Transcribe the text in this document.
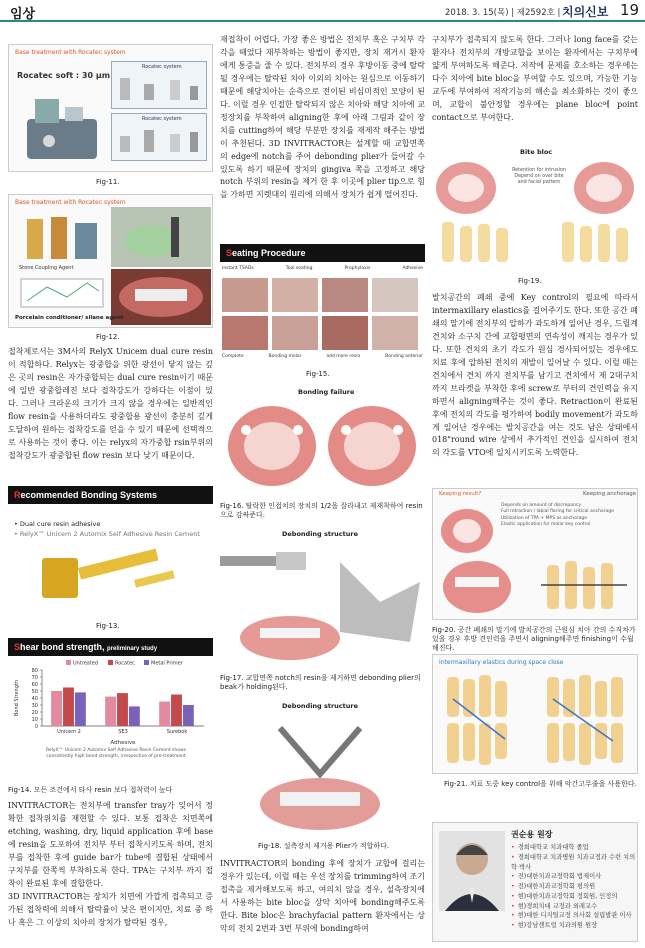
임상	2018. 3. 15(목) | 제2592호 | 치의신보 19
Base treatment with Rocatec system
Rocatec soft : 30 μm
Rocatec system
Rocatec system
Fig-11.
Base treatment with Rocatec system
Stone Coupling Agent
Porcelain conditioner/ silane agent
Fig-12.

접착제로서는 3M사의 RelyX Unicem dual cure resin이 적합하다. Relyx는 광중합을 위한 광선이 닿지 않는 깊은 곳의 resin은 자가중합되는 dual cure resin이기 때문에 일반 광중합레진 보다 접착강도가 강하다는 이점이 있다. 그러나 크라운의 크기가 크지 않을 경우에는 일반적인 flow resin을 사용하더라도 광중합용 광선이 충분히 깊게 도달하여 원하는 접착강도를 얻을 수 있기 때문에 선택적으로 사용하는 것이 좋다. 이는 relyx의 자가중합 rsin부위의 접착강도가 광중합된 flow resin 보다 낮기 때문이다.

Recommended Bonding Systems
• Dual cure resin adhesive
• RelyX™ Unicem 2 Automix Self Adhesive Resin Cement
Fig-13.
Shear bond strength, preliminary study
0
10
20
30
40
50
60
70
80
Bond Strength
Adhesive
Unicem 2	SE3	Surebok
Untreated	Rocatec	Metal Primer
RelyX™ Unicem 2 Automix Self Adhesive Resin Cement shows consistently high bond strength, irrespective of pre-treatment
Fig-14. 모든 조건에서 타사 resin 보다 접착력이 높다

INVITRACTOR는 전치부에 transfer tray가 잊어서 정확한 접착위치를 재현할 수 있다. 보통 접착은 치면쪽에 etching, washing, dry, liquid application 후에 base에 resin을 도포하여 전치부 부터 접착시키도록 하며, 전치부를 접착한 후에 guide bar가 tube에 결합된 상태에서 구치부를 한쪽씩 부착하도록 한다. TPA는 구치부 까지 접착이 완료된 후에 결합한다.

3D INVITRACTOR는 장치가 치면에 가깝게 접촉되고 증가된 접착력에 의해서 탈락률이 낮은 편이지만, 치료 중 하나 혹은 그 이상의 치아의 장치가 탈락된 경우,

재접착이 어렵다. 가장 좋은 방법은 전치부 혹은 구치부 각각을 때었다 재부착하는 방법이 좋지만, 장치 재거시 환자에게 통증을 줄 수 있다. 전치부의 경우 후방이동 중에 탈락될 경우에는 탈락된 치아 이외의 치아는 원심으로 이동하기 때문에 해당치아는 순측으로 전이된 비심미적인 모양이 된다. 이럴 경우 인접한 탈락되지 않은 치아와 해당 치아에 교정장치를 부착하여 aligning한 후에 아래 그림과 같이 장치를 cutting하여 해당 부분만 장치를 재제작 해주는 방법이 추천된다. 3D INVITRACTOR는 설계할 때 교합면쪽의 edge에 notch를 주어 debonding plier가 들어갈 수 있도록 하기 때문에 장치의 gingiva 쪽을 고정하고 해당 notch 부위의 resin을 제거 한 후 이곳에 plier tip으로 힘을 가하면 지렛대의 원리에 의해서 장치가 쉽게 떨어진다.

Seating Procedure
Instant TSADs	Tool seating	Prophylaxis	Adhesive
Complete	Bonding molar	add more resin	Bonding anterior
Fig-15.
Bonding failure
Fig-16. 탈락한 인접치의 장치의 1/2을 잘라내고 재재착하여 resin으로 감싸준다.
Debonding structure
Fig-17. 교합면쪽 notch의 resin을 제거하면 debonding plier의 beak가 holding된다.
Debonding structure
Fig-18. 설측장치 제거용 Plier가 적합하다.

INVITRACTOR의 bonding 후에 장치가 교합에 걸리는 경우가 있는데, 이럴 때는 우선 장치를 trimming하여 조기접촉을 제거해보도록 하고, 여의치 않을 경우, 설측장치에서 사용하는 bite bloc을 상악 치아에 bonding해주도록 한다. Bite bloc은 brachyfacial pattern 환자에서는 상악의 전치 2번과 3번 부위에 bonding하여

구치부가 접촉되지 않도록 한다. 그러나 long face를 갖는 환자나 전치부의 개방교합을 보이는 환자에서는 구치부에 얇게 부여하도록 해준다. 저작에 문제를 호소하는 경우에는 다수 치아에 bite bloc을 부여할 수도 있으며, 가능한 기능교두에 부여하여 저작기능의 해손을 최소화하는 것이 좋으며, 교합이 불안정할 경우에는 plane bloc에 point contact으로 부여한다.

Bite bloc
Retention for intrusion Depend on over bite and facial pattern
Fig-19.

발치공간의 폐쇄 중에 Key control의 필요에 따라서 intermaxillary elastics를 걸어주기도 한다. 또한 공간 폐쇄의 말기에 전치부의 압하가 과도하게 일어난 경우, 드릴계 견치와 소구치 간에 교합평면의 연속성이 깨지는 경우가 있다. 또한 견치의 초기 각도가 원심 경사되어있는 경우에도 치료 후에 압하된 전치의 재발이 일어날 수 있다. 이럴 때는 견치에서 견치 까지 전치부를 남기고 견치에서 제 2대구치 까지 브라켓을 부착한 후에 screw로 부터의 견인력을 유지하면서 aligning해주는 것이 좋다. Retraction이 완료된 후에 전치의 각도를 평가하여 bodily movement가 과도하게 일어난 경우에는 발치공간을 여는 것도 남은 상태에서 018"round wire 상에서 추가적인 견인을 실시하여 전치의 각도를 VTO에 일치시키도록 노력한다.

Keeping result?	Keeping anchorage
Depends on amount of discrepancy
Full retraction / labial flaring for critical anchorage
Utilization of TPA + MPS as anchorage
Elastic application for molar key control
Fig-20. 공간 폐쇄의 말기에 발치공간의 근원심 치아 간의 수직차가 있을 경우 후방 견인력을 주면서 aligning해주면 finishing이 수월해진다.
Intermaxillary elastics during space close
Fig-21. 치료 도중 key control을 위해 악간고무줄을 사용한다.
권순용 원장
• 경희대학교 치과대학 졸업
• 경희대학교 치과병원 치과교정과 수련 치의학 박사
• 전)대한치과교정학회 법제이사
• 전)대한치과교정학회 평의원
• 현)대한치과교정학회 정회원, 인정의
• 현)경희치대 교정과 외래교수
• 현)대한 디지털교정 의사회 설립발관 이사
• 현)강남센트럴 치과의원 원장
